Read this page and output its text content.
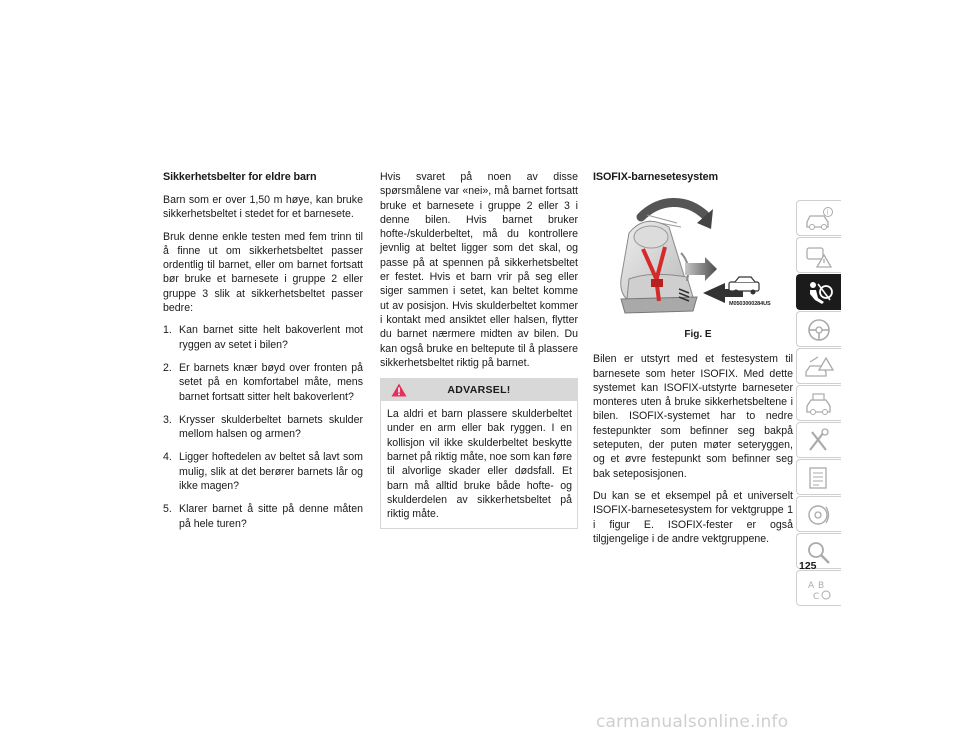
Sikkerhetsbelter for eldre barn

Barn som er over 1,50 m høye, kan bruke sikkerhetsbeltet i stedet for et barnesete.

Bruk denne enkle testen med fem trinn til å finne ut om sikkerhetsbeltet passer ordentlig til barnet, eller om barnet fortsatt bør bruke et barnesete i gruppe 2 eller gruppe 3 slik at sikkerhetsbeltet passer bedre:

1. Kan barnet sitte helt bakoverlent mot ryggen av setet i bilen?
2. Er barnets knær bøyd over fronten på setet på en komfortabel måte, mens barnet fortsatt sitter helt bakoverlent?
3. Krysser skulderbeltet barnets skulder mellom halsen og armen?
4. Ligger hoftedelen av beltet så lavt som mulig, slik at det berører barnets lår og ikke magen?
5. Klarer barnet å sitte på denne måten på hele turen?

Hvis svaret på noen av disse spørsmålene var «nei», må barnet fortsatt bruke et barnesete i gruppe 2 eller 3 i denne bilen. Hvis barnet bruker hofte-/skulderbeltet, må du kontrollere jevnlig at beltet ligger som det skal, og passe på at spennen på sikkerhetsbeltet er festet. Hvis et barn vrir på seg eller siger sammen i setet, kan beltet komme ut av posisjon. Hvis skulderbeltet kommer i kontakt med ansiktet eller halsen, flytter du barnet nærmere midten av bilen. Du kan også bruke en beltepute til å plassere sikkerhetsbeltet riktig på barnet.

ADVARSEL!
La aldri et barn plassere skulderbeltet under en arm eller bak ryggen. I en kollisjon vil ikke skulderbeltet beskytte barnet på riktig måte, noe som kan føre til alvorlige skader eller dødsfall. Et barn må alltid bruke både hofte- og skulderdelen av sikkerhetsbeltet på riktig måte.
ISOFIX-barnesetesystem
M0503000284US
Fig. E

Bilen er utstyrt med et festesystem til barnesete som heter ISOFIX. Med dette systemet kan ISOFIX-utstyrte barneseter monteres uten å bruke sikkerhetsbeltene i bilen. ISOFIX-systemet har to nedre festepunkter som befinner seg bakpå seteputen, der puten møter seteryggen, og et øvre festepunkt som befinner seg bak seteposisjonen.

Du kan se et eksempel på et universelt ISOFIX-barnesetesystem for vektgruppe 1 i figur E. ISOFIX-fester er også tilgjengelige i de andre vektgruppene.

i
A B
C
125
carmanualsonline.info
